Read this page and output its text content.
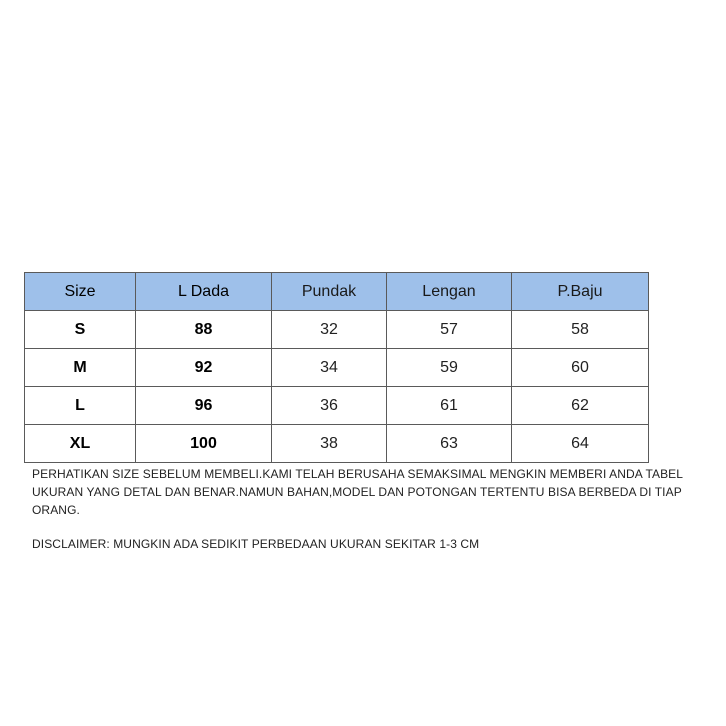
Size	L Dada	Pundak	Lengan	P.Baju
S	88	32	57	58
M	92	34	59	60
L	96	36	61	62
XL	100	38	63	64

PERHATIKAN SIZE SEBELUM MEMBELI.KAMI TELAH BERUSAHA SEMAKSIMAL MENGKIN MEMBERI ANDA TABEL UKURAN YANG DETAL DAN BENAR.NAMUN BAHAN,MODEL DAN POTONGAN TERTENTU BISA BERBEDA DI TIAP ORANG.

DISCLAIMER: MUNGKIN ADA SEDIKIT PERBEDAAN UKURAN SEKITAR 1-3 CM
